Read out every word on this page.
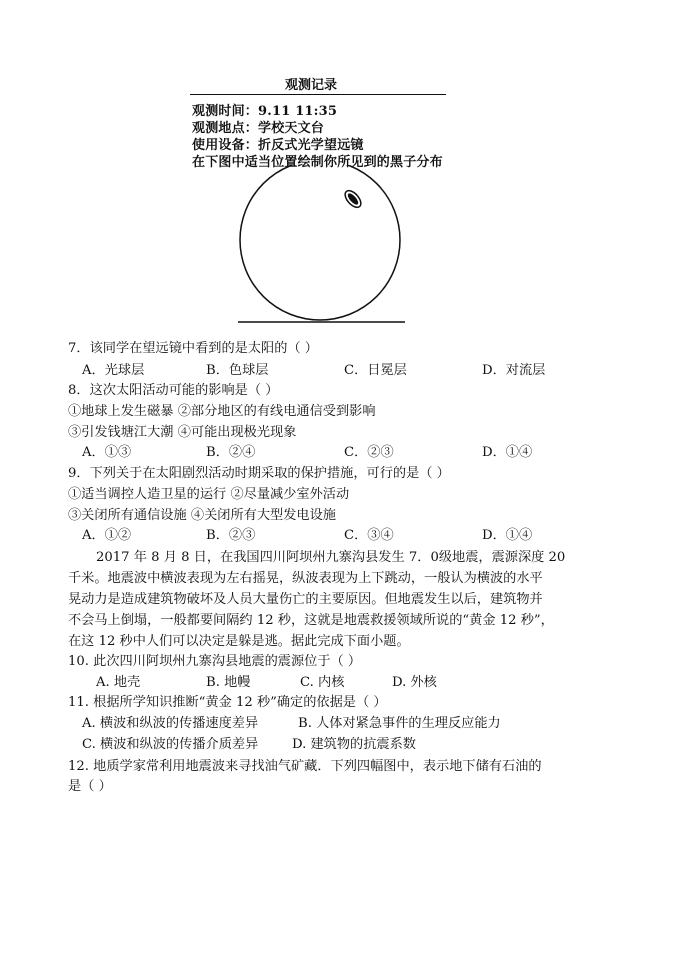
观测记录
观测时间：9.11 11:35
观测地点：学校天文台
使用设备：折反式光学望远镜
在下图中适当位置绘制你所见到的黑子分布
7．该同学在望远镜中看到的是太阳的（ ）
A．光球层	B．色球层	C．日冕层	D．对流层
8．这次太阳活动可能的影响是（ ）
①地球上发生磁暴 ②部分地区的有线电通信受到影响
③引发钱塘江大潮 ④可能出现极光现象
A．①③	B．②④	C．②③	D．①④
9．下列关于在太阳剧烈活动时期采取的保护措施，可行的是（ ）
①适当调控人造卫星的运行 ②尽量减少室外活动
③关闭所有通信设施 ④关闭所有大型发电设施
A．①②	B．②③	C．③④	D．①④
2017 年 8 月 8 日，在我国四川阿坝州九寨沟县发生 7．0级地震，震源深度 20
千米。地震波中横波表现为左右摇晃，纵波表现为上下跳动，一般认为横波的水平
晃动力是造成建筑物破坏及人员大量伤亡的主要原因。但地震发生以后，建筑物并
不会马上倒塌，一般都要间隔约 12 秒，这就是地震救援领域所说的“黄金 12 秒”，
在这 12 秒中人们可以决定是躲是逃。据此完成下面小题。
10. 此次四川阿坝州九寨沟县地震的震源位于（ ）
A. 地壳	B. 地幔	C. 内核	D. 外核
11. 根据所学知识推断“黄金 12 秒”确定的依据是（ ）
A. 横波和纵波的传播速度差异	B. 人体对紧急事件的生理反应能力
C. 横波和纵波的传播介质差异	D. 建筑物的抗震系数
12. 地质学家常利用地震波来寻找油气矿藏．下列四幅图中，表示地下储有石油的
是（ ）
